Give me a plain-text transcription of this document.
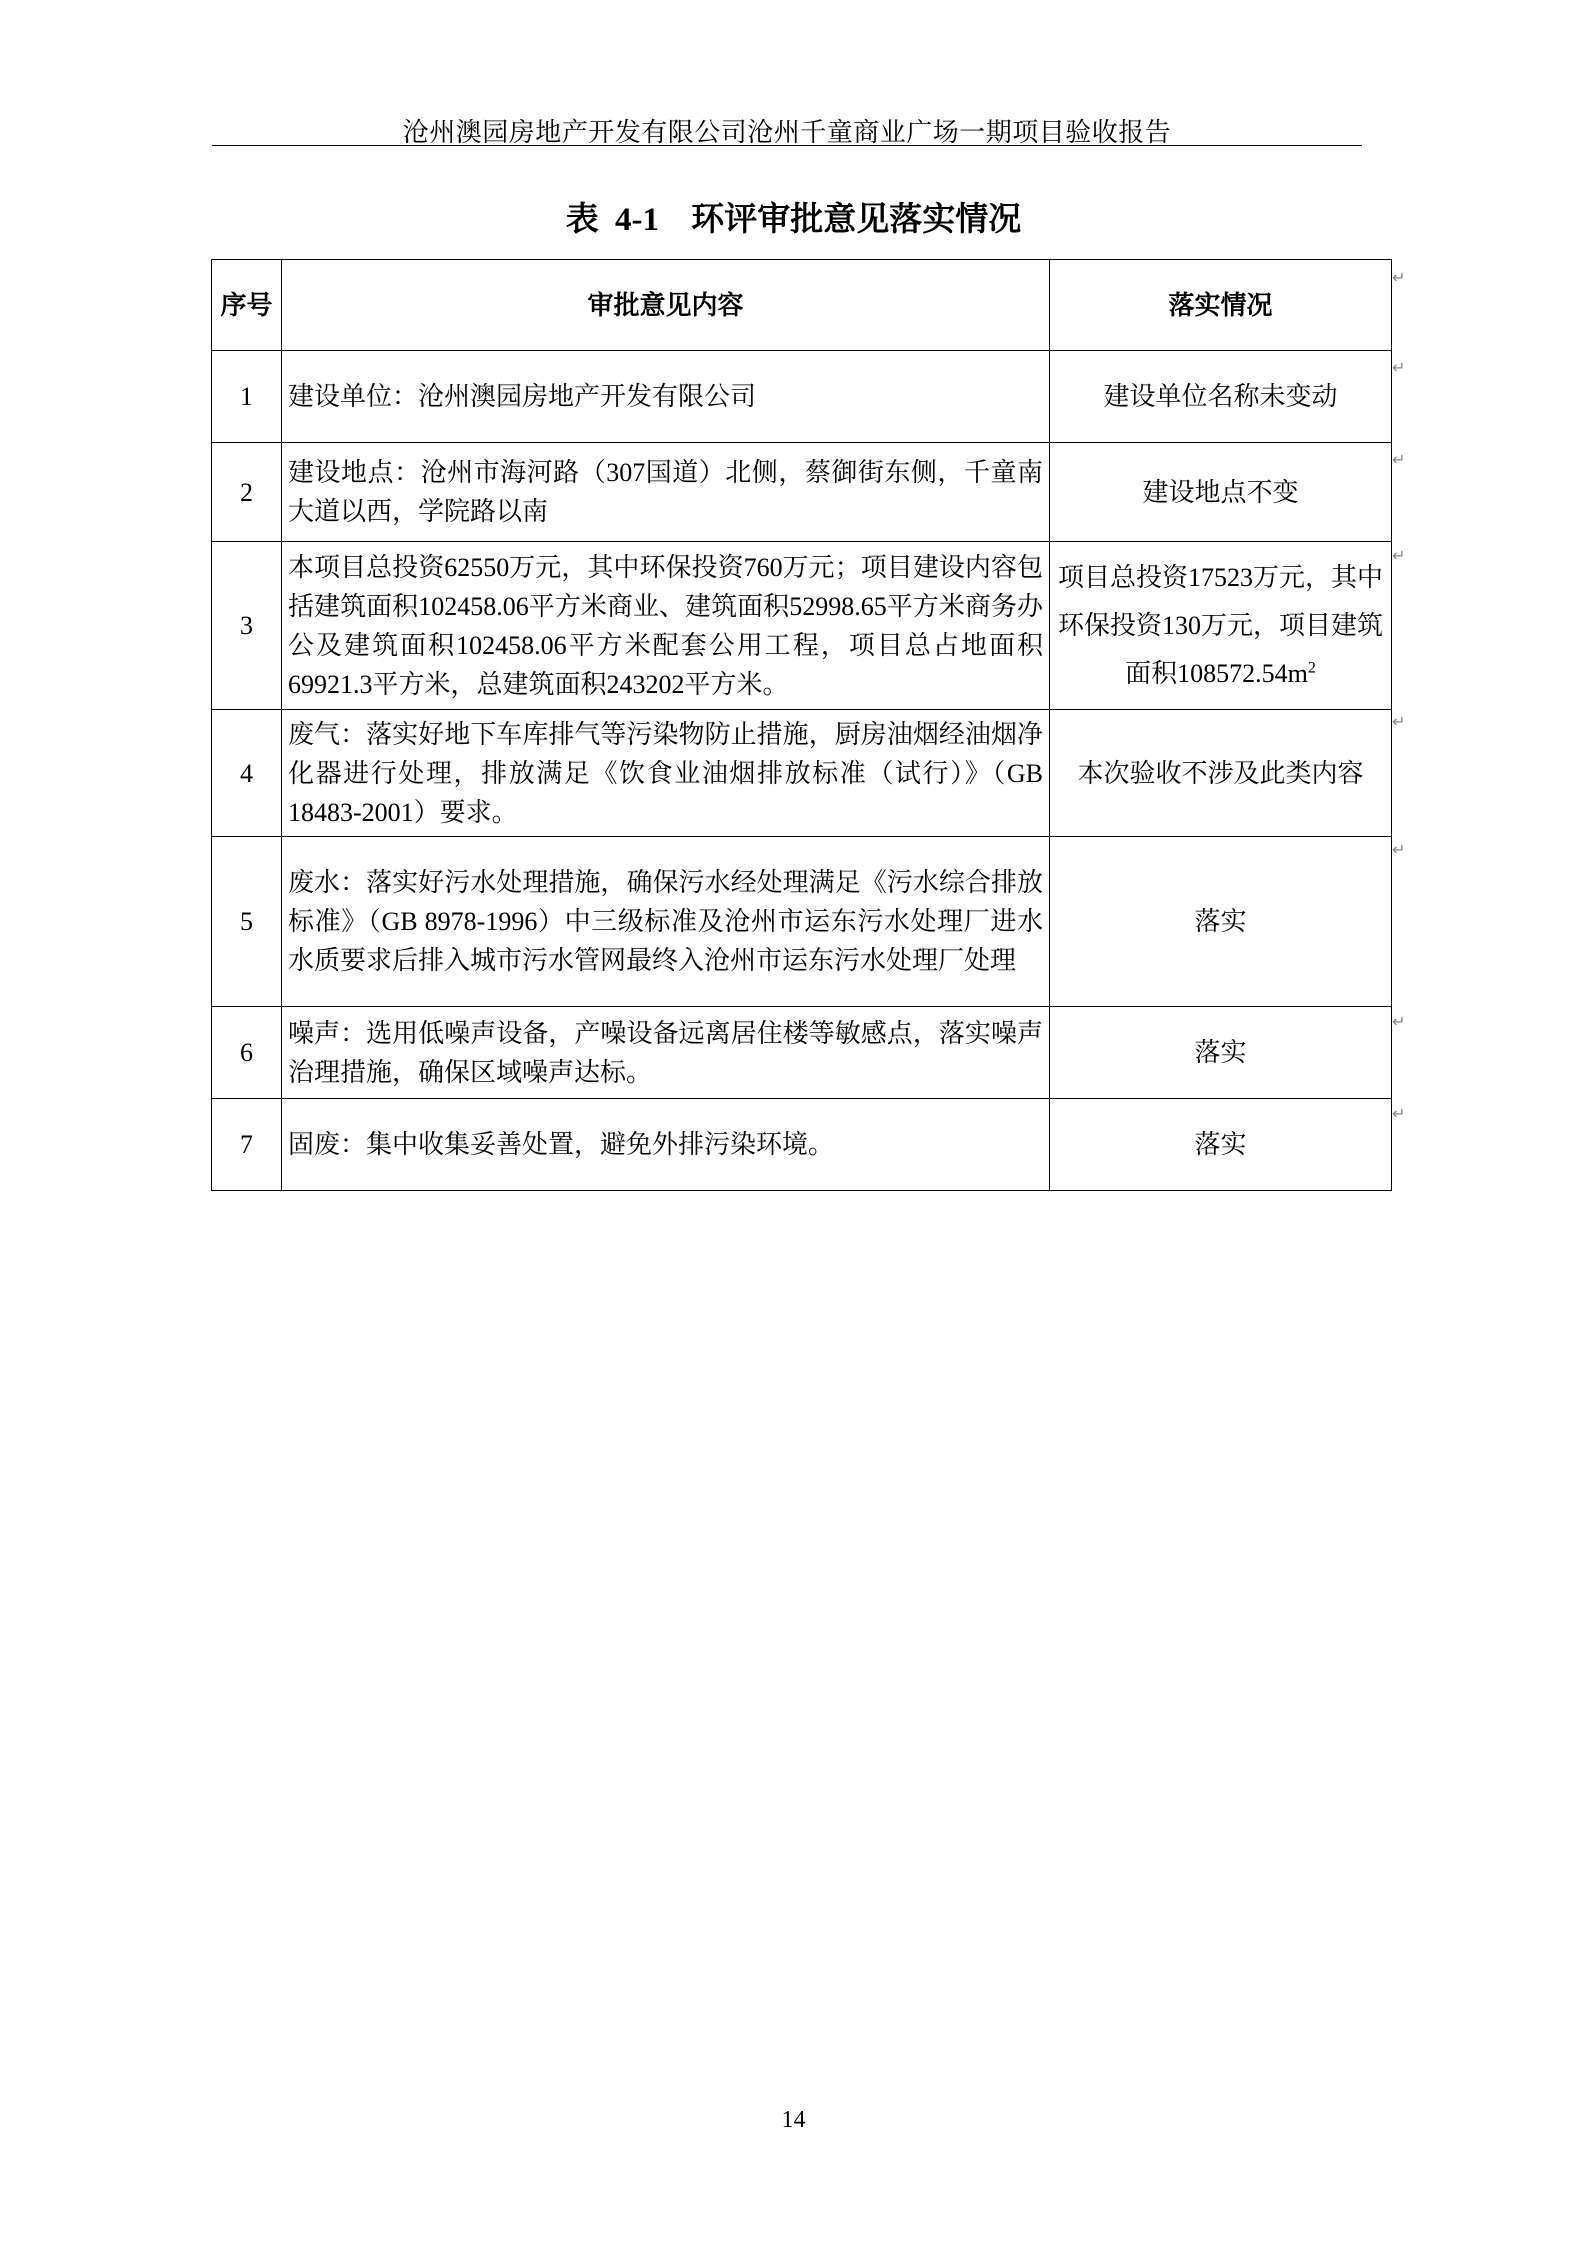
沧州澳园房地产开发有限公司沧州千童商业广场一期项目验收报告
表 4-1 环评审批意见落实情况
序号	审批意见内容	落实情况
1	建设单位：沧州澳园房地产开发有限公司	建设单位名称未变动
2	建设地点：沧州市海河路（307国道）北侧，蔡御街东侧，千童南大道以西，学院路以南	建设地点不变
3	本项目总投资62550万元，其中环保投资760万元；项目建设内容包括建筑面积102458.06平方米商业、建筑面积52998.65平方米商务办公及建筑面积102458.06平方米配套公用工程，项目总占地面积69921.3平方米，总建筑面积243202平方米。	项目总投资17523万元，其中环保投资130万元，项目建筑面积$108572.54m^2$
4	废气：落实好地下车库排气等污染物防止措施，厨房油烟经油烟净化器进行处理，排放满足《饮食业油烟排放标准（试行）》（GB 18483-2001）要求。	本次验收不涉及此类内容
5	废水：落实好污水处理措施，确保污水经处理满足《污水综合排放标准》（GB 8978-1996）中三级标准及沧州市运东污水处理厂进水水质要求后排入城市污水管网最终入沧州市运东污水处理厂处理	落实
6	噪声：选用低噪声设备，产噪设备远离居住楼等敏感点，落实噪声治理措施，确保区域噪声达标。	落实
7	固废：集中收集妥善处置，避免外排污染环境。	落实
↵
↵
↵
↵
↵
↵
↵
↵
14
